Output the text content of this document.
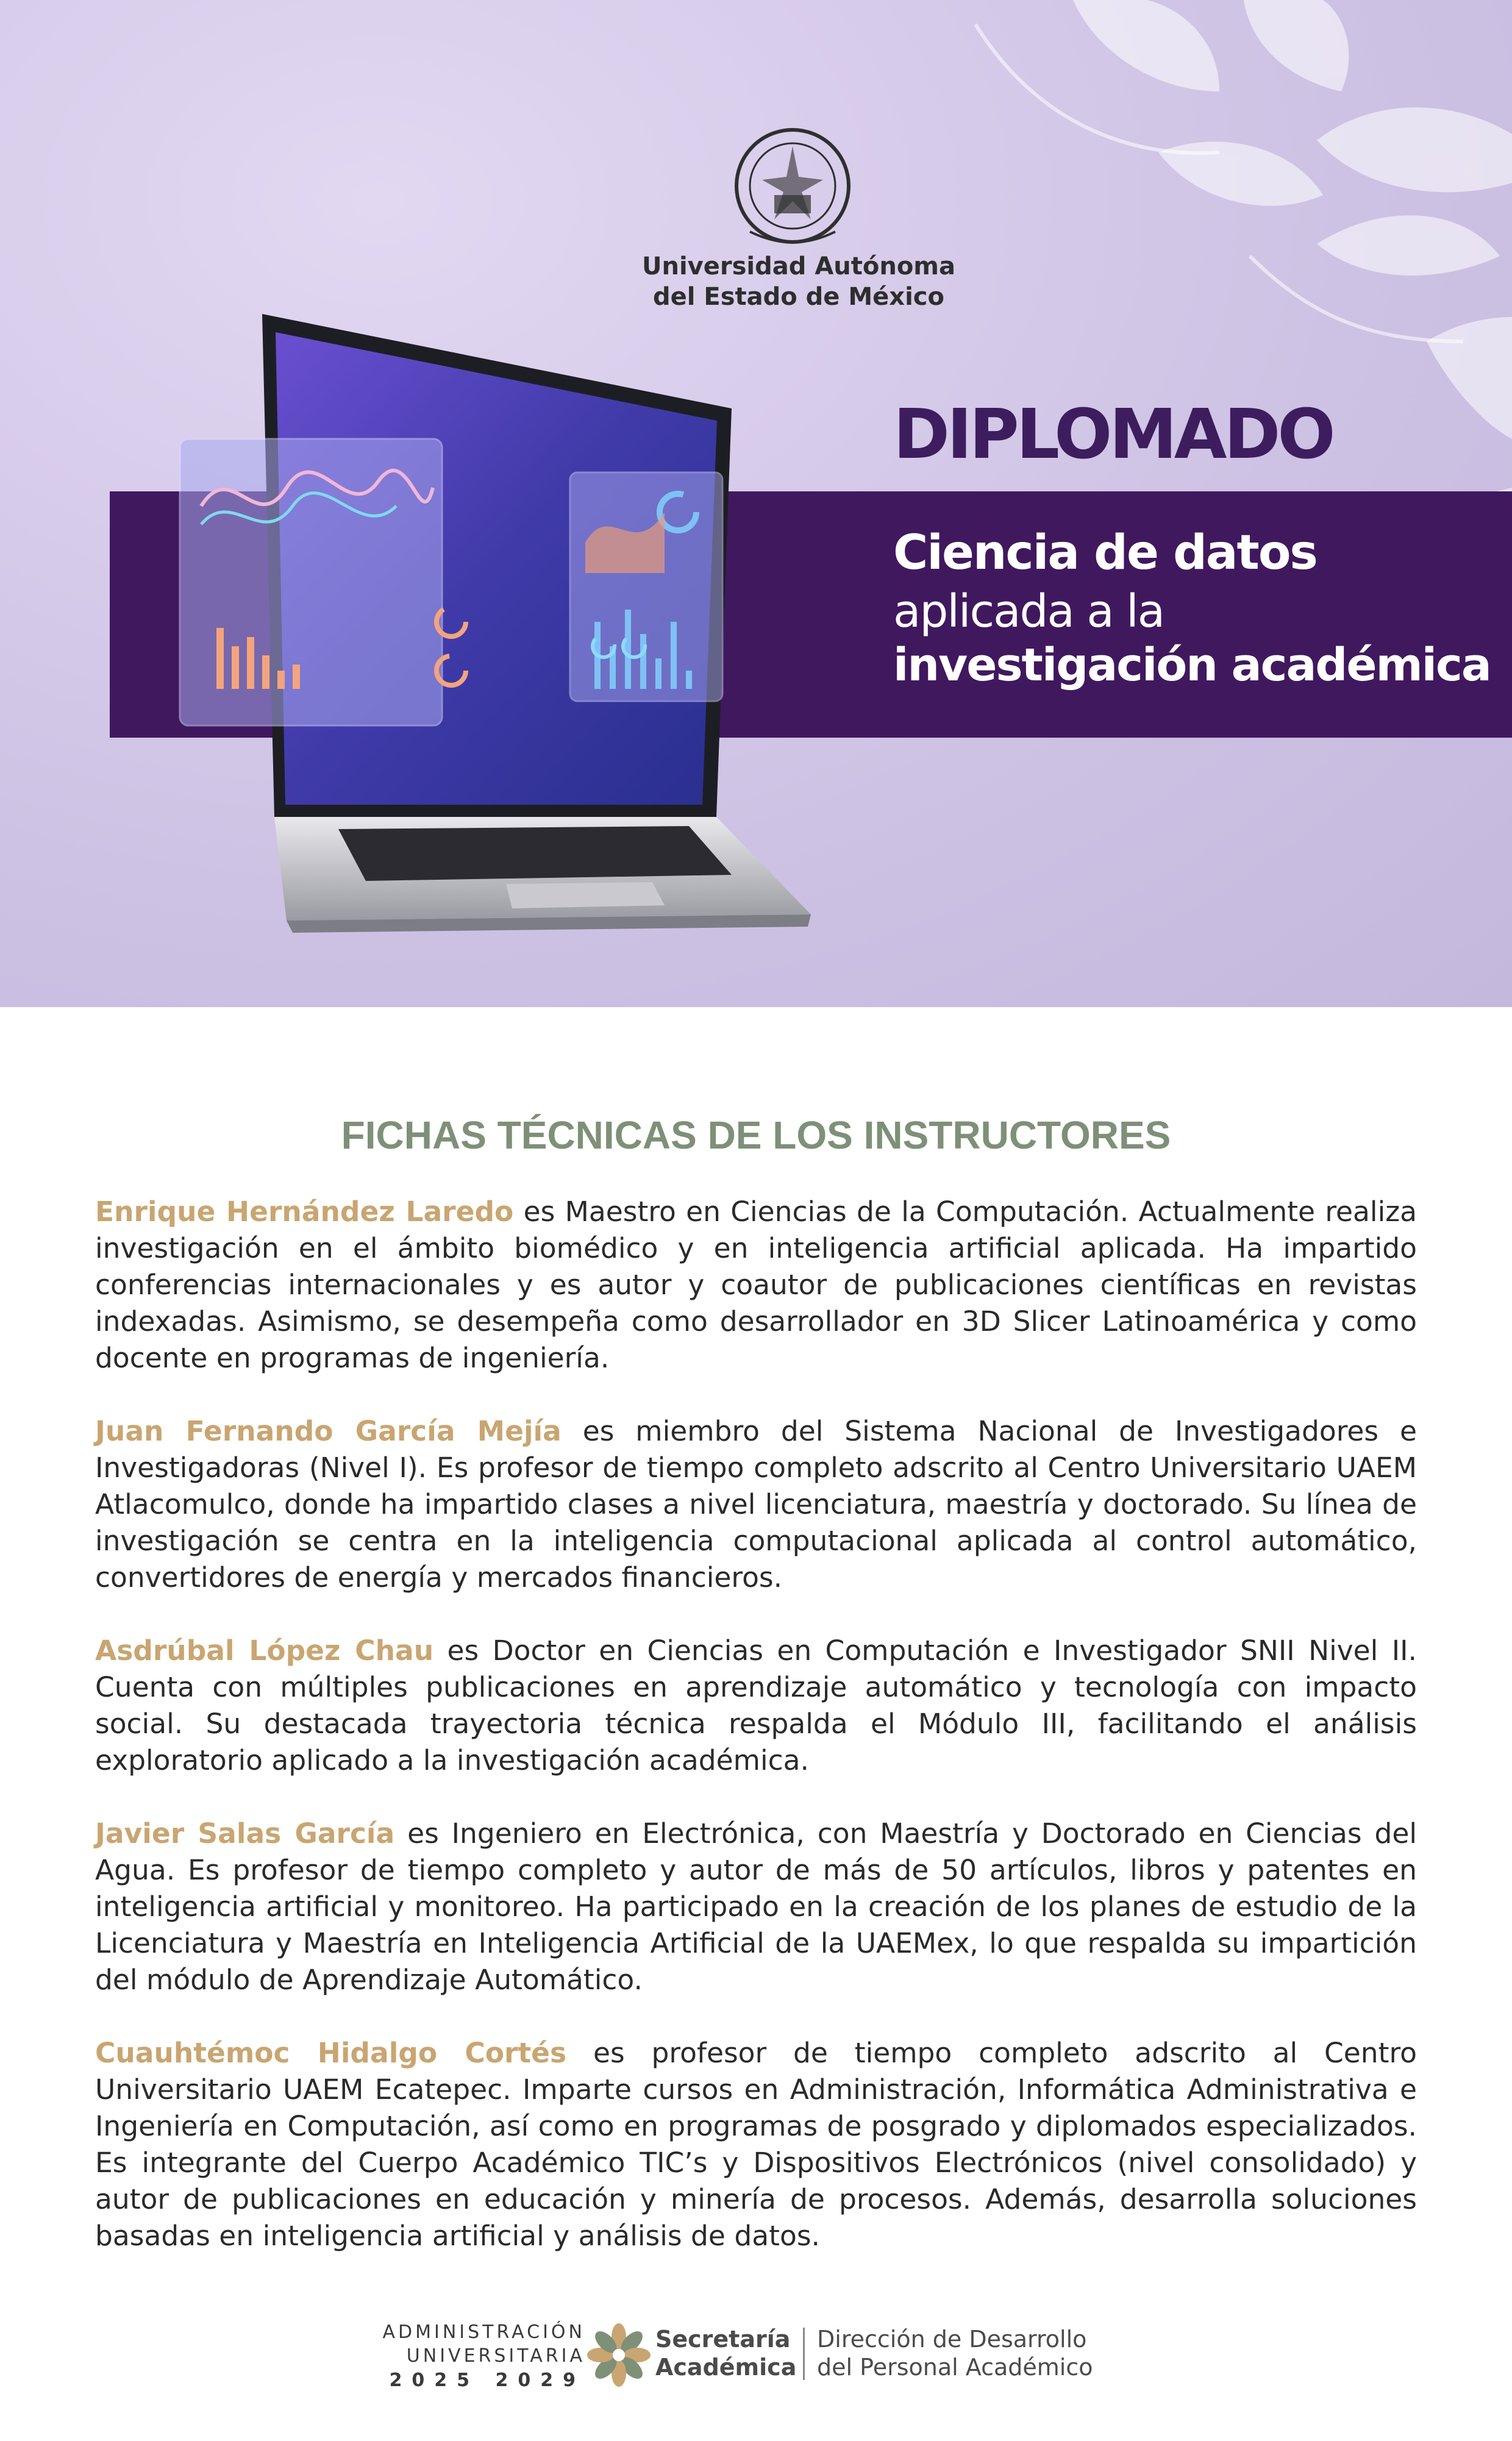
Universidad Autónoma
del Estado de México
DIPLOMADO
Ciencia de datos
aplicada a la
investigación académica
FICHAS TÉCNICAS DE LOS INSTRUCTORES

Enrique Hernández Laredo es Maestro en Ciencias de la Computación. Actualmente realiza investigación en el ámbito biomédico y en inteligencia artificial aplicada. Ha impartido conferencias internacionales y es autor y coautor de publicaciones científicas en revistas indexadas. Asimismo, se desempeña como desarrollador en 3D Slicer Latinoamérica y como docente en programas de ingeniería.

Juan Fernando García Mejía es miembro del Sistema Nacional de Investigadores e Investigadoras (Nivel I). Es profesor de tiempo completo adscrito al Centro Universitario UAEM Atlacomulco, donde ha impartido clases a nivel licenciatura, maestría y doctorado. Su línea de investigación se centra en la inteligencia computacional aplicada al control automático, convertidores de energía y mercados financieros.

Asdrúbal López Chau es Doctor en Ciencias en Computación e Investigador SNII Nivel II. Cuenta con múltiples publicaciones en aprendizaje automático y tecnología con impacto social. Su destacada trayectoria técnica respalda el Módulo III, facilitando el análisis exploratorio aplicado a la investigación académica.

Javier Salas García es Ingeniero en Electrónica, con Maestría y Doctorado en Ciencias del Agua. Es profesor de tiempo completo y autor de más de 50 artículos, libros y patentes en inteligencia artificial y monitoreo. Ha participado en la creación de los planes de estudio de la Licenciatura y Maestría en Inteligencia Artificial de la UAEMex, lo que respalda su impartición del módulo de Aprendizaje Automático.

Cuauhtémoc Hidalgo Cortés es profesor de tiempo completo adscrito al Centro Universitario UAEM Ecatepec. Imparte cursos en Administración, Informática Administrativa e Ingeniería en Computación, así como en programas de posgrado y diplomados especializados. Es integrante del Cuerpo Académico TIC’s y Dispositivos Electrónicos (nivel consolidado) y autor de publicaciones en educación y minería de procesos. Además, desarrolla soluciones basadas en inteligencia artificial y análisis de datos.

ADMINISTRACIÓN
UNIVERSITARIA
2025 2029
Secretaría
Académica
Dirección de Desarrollo
del Personal Académico
